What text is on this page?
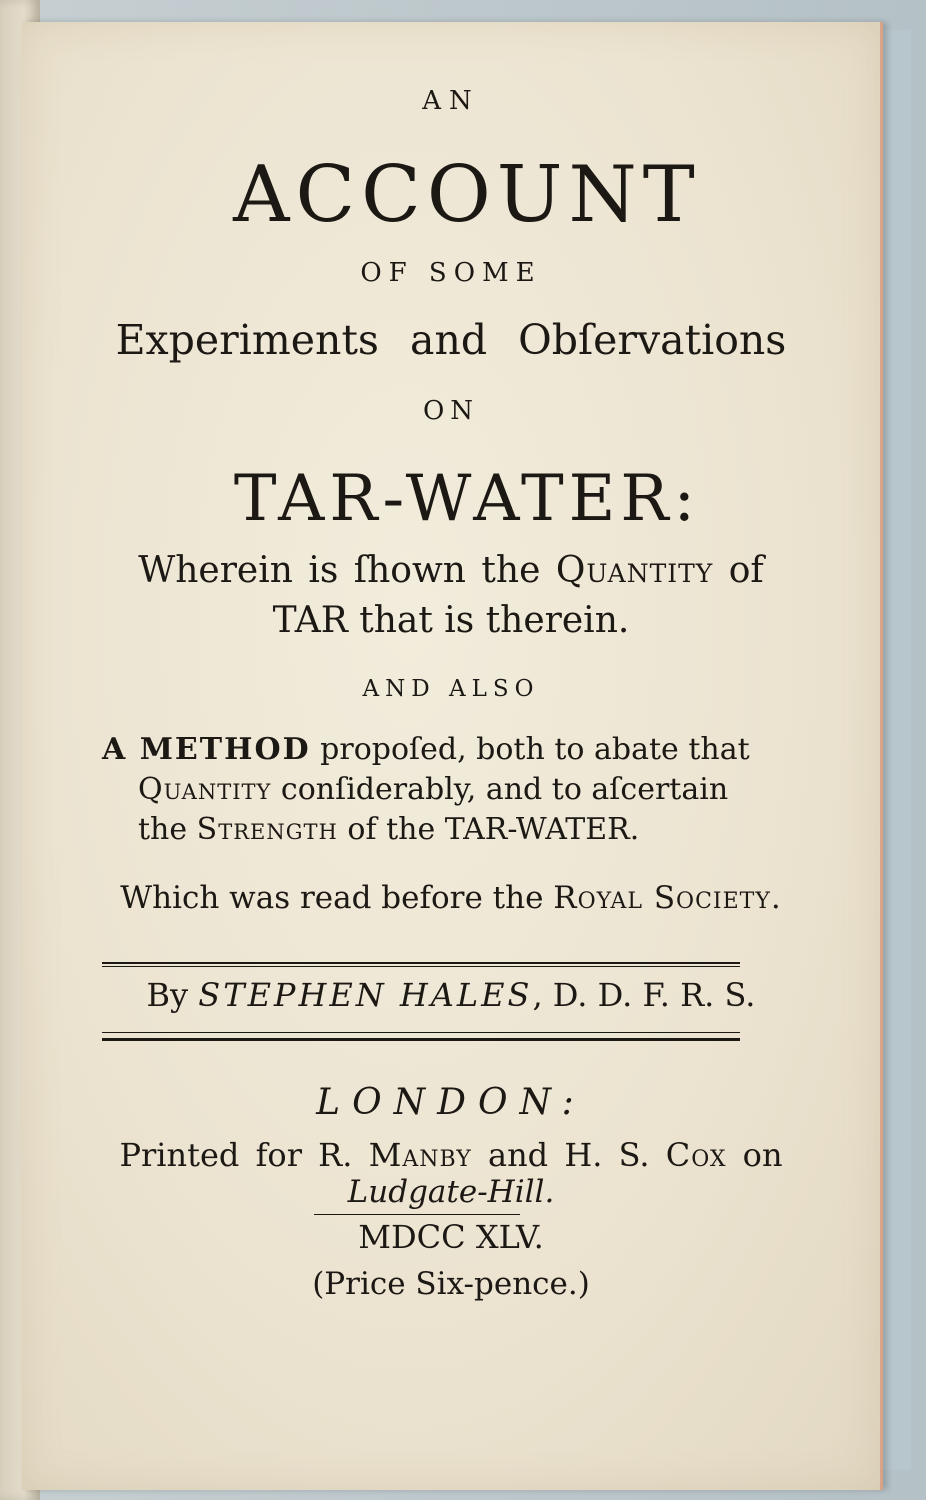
AN
ACCOUNT
OF SOME
Experiments and Obſervations
ON
TAR-WATER:
Wherein is ſhown the Quantity of
TAR that is therein.
AND ALSO
A METHOD propoſed, both to abate that
Quantity conſiderably, and to aſcertain
the Strength of the TAR-WATER.
Which was read before the Royal Society.
By STEPHEN HALES, D. D. F. R. S.
LONDON:
Printed for R. Manby and H. S. Cox on
Ludgate-Hill.
MDCC XLV.
(Price Six-pence.)
